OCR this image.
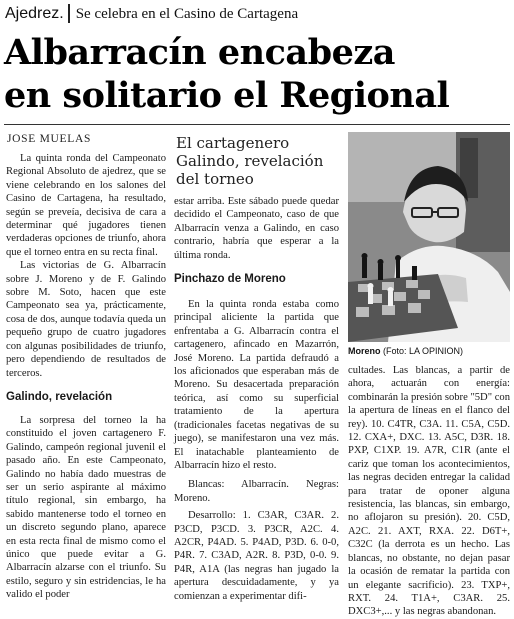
Ajedrez. Se celebra en el Casino de Cartagena
Albarracín encabeza
en solitario el Regional
JOSE MUELAS

La quinta ronda del Campeonato Regional Absoluto de ajedrez, que se viene celebrando en los salones del Casino de Cartagena, ha resultado, según se preveía, decisiva de cara a determinar qué jugadores tienen verdaderas opciones de triunfo, ahora que el torneo entra en su recta final.

Las victorias de G. Albarracín sobre J. Moreno y de F. Galindo sobre M. Soto, hacen que este Campeonato sea ya, prácticamente, cosa de dos, aunque todavía queda un pequeño grupo de cuatro jugadores con algunas posibilidades de triunfo, pero dependiendo de resultados de terceros.

Galindo, revelación

La sorpresa del torneo la ha constituido el joven cartagenero F. Galindo, campeón regional juvenil el pasado año. En este Campeonato, Galindo no había dado muestras de ser un serio aspirante al máximo título regional, sin embargo, ha sabido mantenerse todo el torneo en un discreto segundo plano, aparece en esta recta final de mismo como el único que puede evitar a G. Albarracín alzarse con el triunfo. Su estilo, seguro y sin estridencias, le ha valido el poder

El cartagenero Galindo, revelación del torneo

estar arriba. Este sábado puede quedar decidido el Campeonato, caso de que Albarracín venza a Galindo, en caso contrario, habría que esperar a la última ronda.

Pinchazo de Moreno

En la quinta ronda estaba como principal aliciente la partida que enfrentaba a G. Albarracín contra el cartagenero, afincado en Mazarrón, José Moreno. La partida defraudó a los aficionados que esperaban más de Moreno. Su desacertada preparación teórica, así como su superficial tratamiento de la apertura (tradicionales facetas negativas de su juego), se manifestaron una vez más. El inatachable planteamiento de Albarracín hizo el resto.

Blancas: Albarracín. Negras: Moreno.

Desarrollo: 1. C3AR, C3AR. 2. P3CD, P3CD. 3. P3CR, A2C. 4. A2CR, P4AD. 5. P4AD, P3D. 6. 0-0, P4R. 7. C3AD, A2R. 8. P3D, 0-0. 9. P4R, A1A (las negras han jugado la apertura descuidadamente, y ya comienzan a experimentar difi-

Moreno (Foto: LA OPINION)

cultades. Las blancas, a partir de ahora, actuarán con energía: combinarán la presión sobre "5D" con la apertura de líneas en el flanco del rey). 10. C4TR, C3A. 11. C5A, C5D. 12. CXA+, DXC. 13. A5C, D3R. 18. PXP, C1XP. 19. A7R, C1R (ante el cariz que toman los acontecimientos, las negras deciden entregar la calidad para tratar de oponer alguna resistencia, las blancas, sin embargo, no aflojaron su presión). 20. C5D, A2C. 21. AXT, RXA. 22. D6T+, C32C (la derrota es un hecho. Las blancas, no obstante, no dejan pasar la ocasión de rematar la partida con un elegante sacrificio). 23. TXP+, RXT. 24. T1A+, C3AR. 25. DXC3+,... y las negras abandonan.
